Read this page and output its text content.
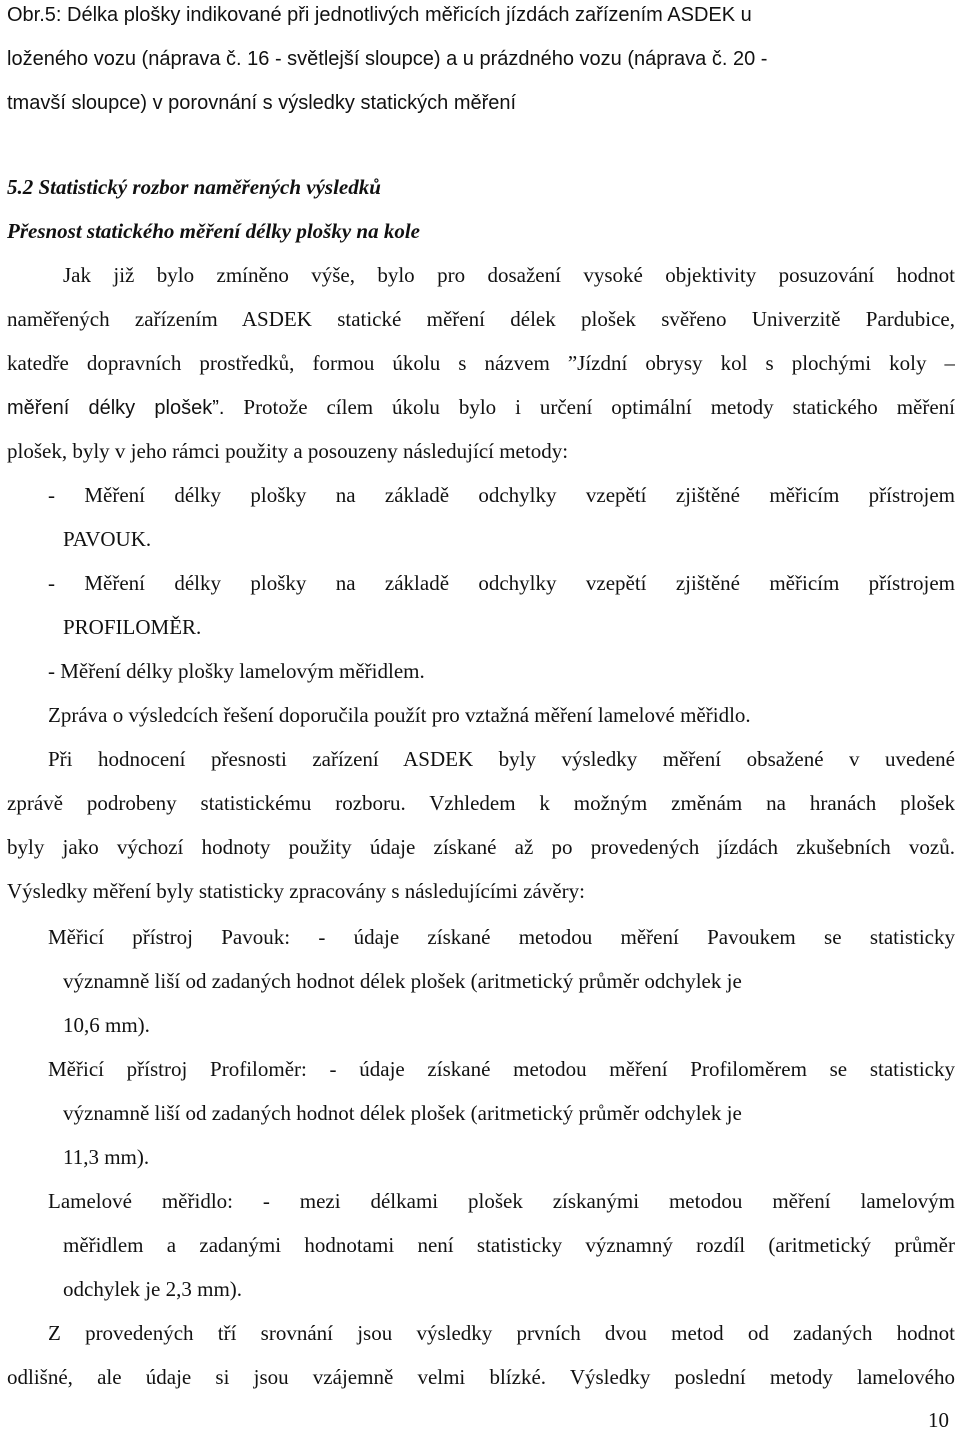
Obr.5: Délka plošky indikované při jednotlivých měřicích jízdách zařízením ASDEK u
loženého vozu (náprava č. 16 - světlejší sloupce) a u prázdného vozu (náprava č. 20 -
tmavší sloupce) v porovnání s výsledky statických měření
5.2 Statistický rozbor naměřených výsledků
Přesnost statického měření délky plošky na kole
Jak již bylo zmíněno výše, bylo pro dosažení vysoké objektivity posuzování hodnot
naměřených zařízením ASDEK statické měření délek plošek svěřeno Univerzitě Pardubice,
katedře dopravních prostředků, formou úkolu s názvem ”Jízdní obrysy kol s plochými koly –
měření délky plošek”. Protože cílem úkolu bylo i určení optimální metody statického měření
plošek, byly v jeho rámci použity a posouzeny následující metody:
- Měření délky plošky na základě odchylky vzepětí zjištěné měřicím přístrojem
PAVOUK.
- Měření délky plošky na základě odchylky vzepětí zjištěné měřicím přístrojem
PROFILOMĚR.
- Měření délky plošky lamelovým měřidlem.
Zpráva o výsledcích řešení doporučila použít pro vztažná měření lamelové měřidlo.
Při hodnocení přesnosti zařízení ASDEK byly výsledky měření obsažené v uvedené
zprávě podrobeny statistickému rozboru. Vzhledem k možným změnám na hranách plošek
byly jako výchozí hodnoty použity údaje získané až po provedených jízdách zkušebních vozů.
Výsledky měření byly statisticky zpracovány s následujícími závěry:
Měřicí přístroj Pavouk: - údaje získané metodou měření Pavoukem se statisticky
významně liší od zadaných hodnot délek plošek (aritmetický průměr odchylek je
10,6 mm).
Měřicí přístroj Profiloměr: - údaje získané metodou měření Profiloměrem se statisticky
významně liší od zadaných hodnot délek plošek (aritmetický průměr odchylek je
11,3 mm).
Lamelové měřidlo: - mezi délkami plošek získanými metodou měření lamelovým
měřidlem a zadanými hodnotami není statisticky významný rozdíl (aritmetický průměr
odchylek je 2,3 mm).
Z provedených tří srovnání jsou výsledky prvních dvou metod od zadaných hodnot
odlišné, ale údaje si jsou vzájemně velmi blízké. Výsledky poslední metody lamelového
10
